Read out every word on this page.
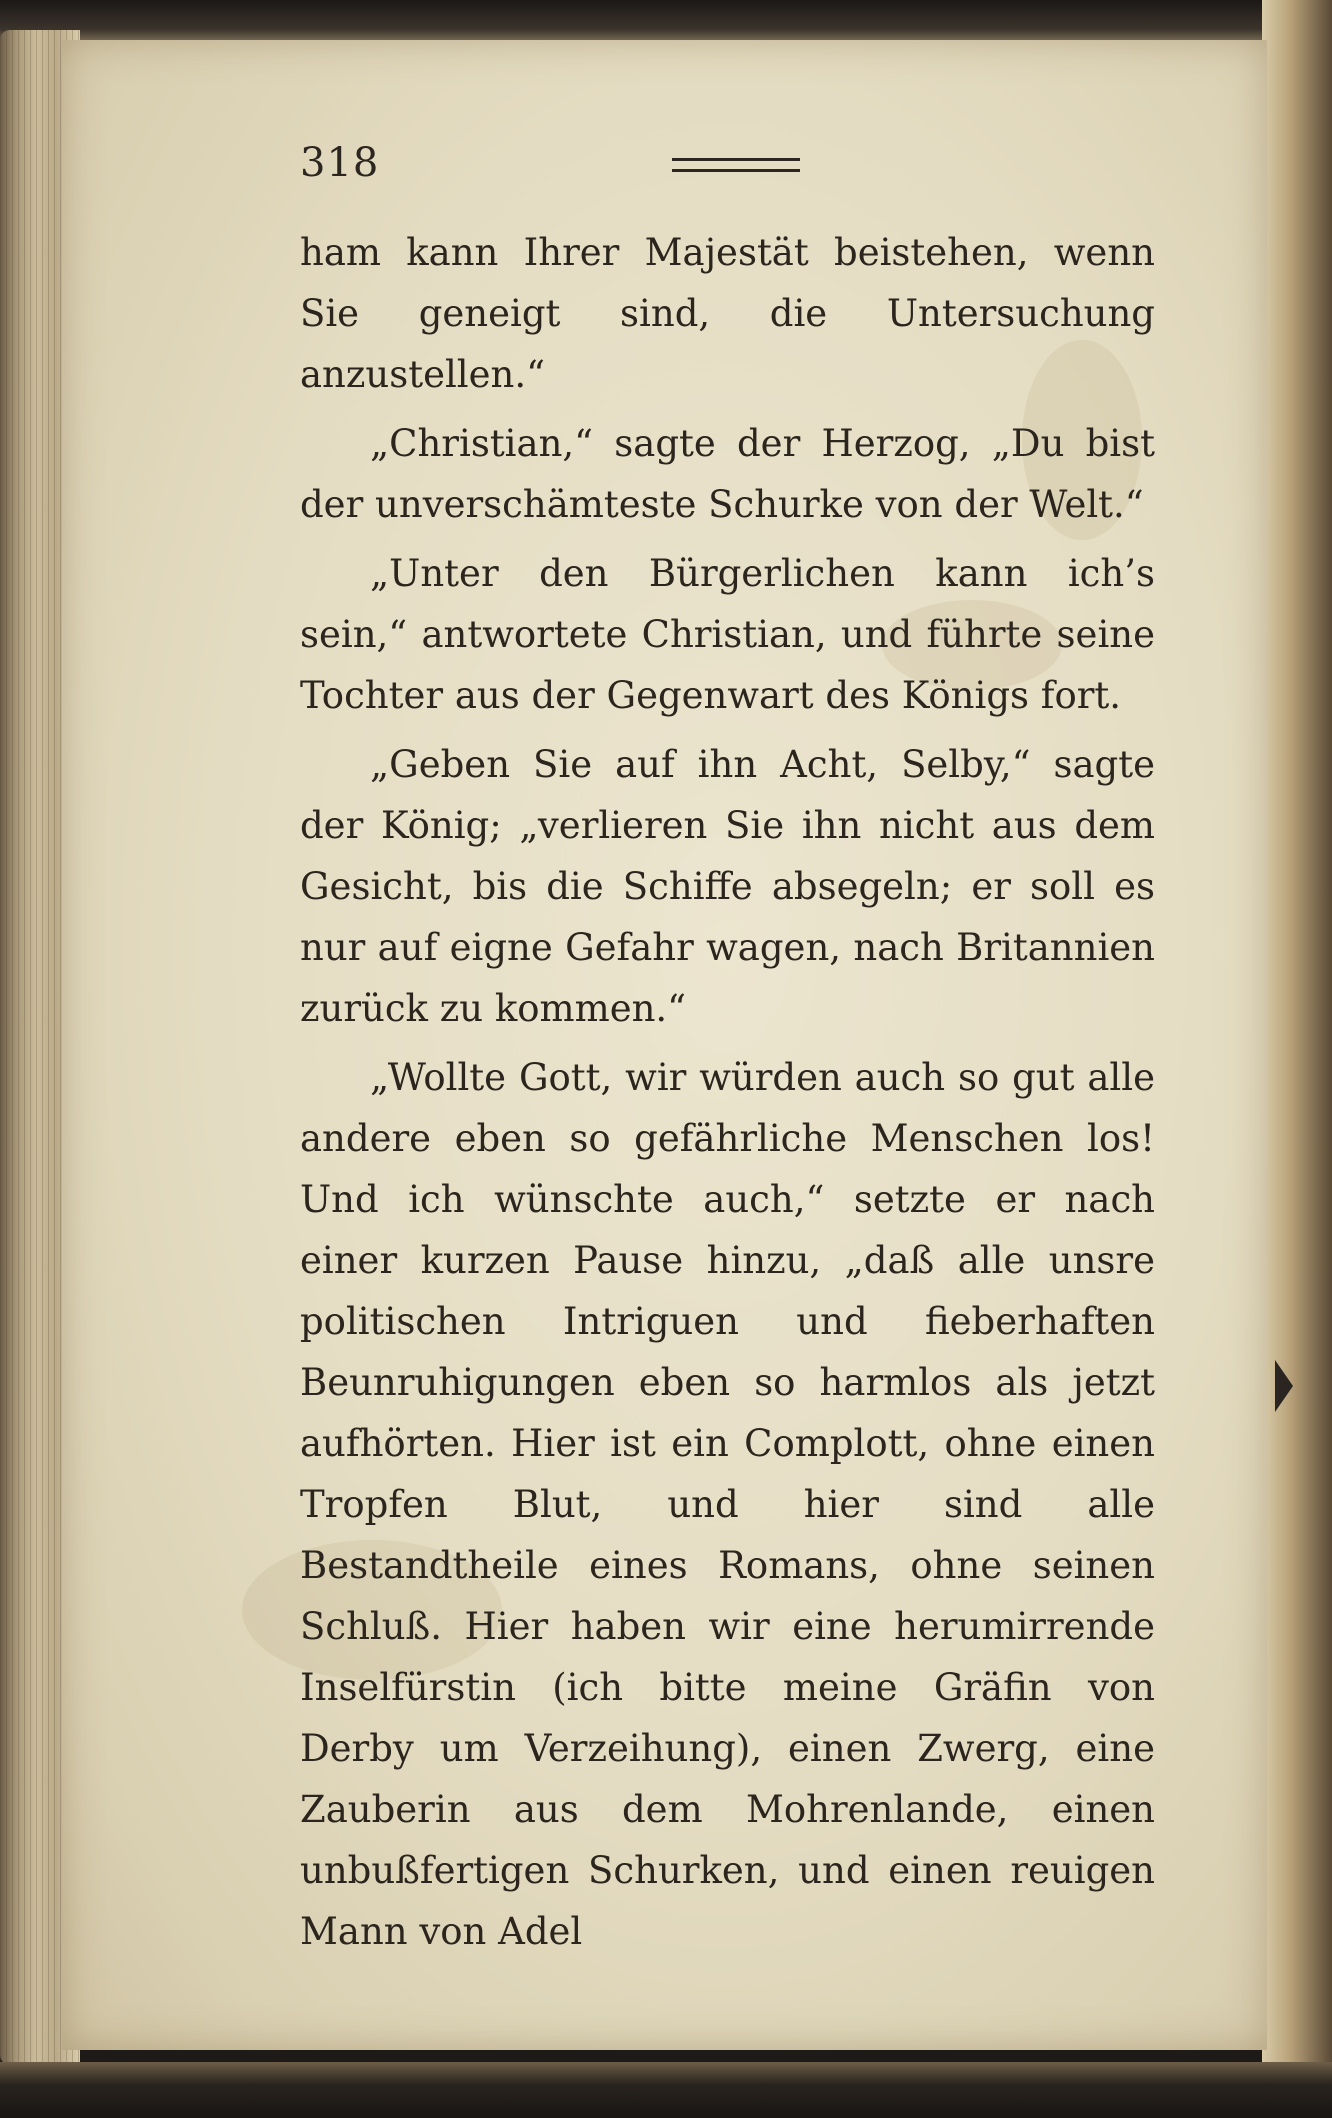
318

ham kann Ihrer Majestät beistehen, wenn Sie geneigt sind, die Untersuchung anzustellen.“

„Christian,“ sagte der Herzog, „Du bist der unverschämteste Schurke von der Welt.“

„Unter den Bürgerlichen kann ich’s sein,“ antwortete Christian, und führte seine Tochter aus der Gegenwart des Königs fort.

„Geben Sie auf ihn Acht, Selby,“ sagte der König; „verlieren Sie ihn nicht aus dem Gesicht, bis die Schiffe absegeln; er soll es nur auf eigne Gefahr wagen, nach Britannien zurück zu kommen.“

„Wollte Gott, wir würden auch so gut alle andere eben so gefährliche Menschen los! Und ich wünschte auch,“ setzte er nach einer kurzen Pause hinzu, „daß alle unsre politischen Intriguen und fieberhaften Beunruhigungen eben so harmlos als jetzt aufhörten. Hier ist ein Complott, ohne einen Tropfen Blut, und hier sind alle Bestandtheile eines Romans, ohne seinen Schluß. Hier haben wir eine herumirrende Inselfürstin (ich bitte meine Gräfin von Derby um Verzeihung), einen Zwerg, eine Zauberin aus dem Mohrenlande, einen unbußfertigen Schurken, und einen reuigen Mann von Adel
